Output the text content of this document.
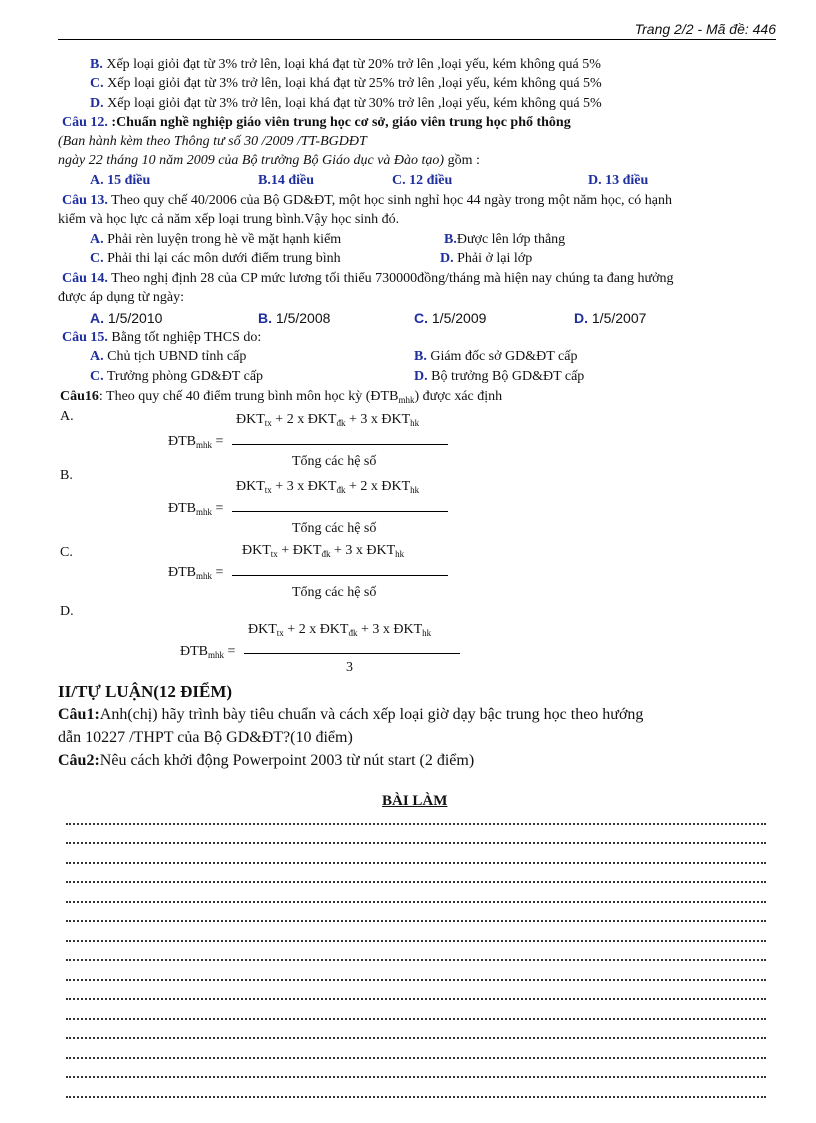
Trang 2/2 - Mã đề: 446
B. Xếp loại giỏi đạt từ 3% trở lên, loại khá đạt từ 20% trở lên ,loại yếu, kém không quá 5%
C. Xếp loại giỏi đạt từ 3% trở lên, loại khá đạt từ 25% trở lên ,loại yếu, kém không quá 5%
D. Xếp loại giỏi đạt từ 3% trở lên, loại khá đạt từ 30% trở lên ,loại yếu, kém không quá 5%
Câu 12. :Chuẩn nghề nghiệp giáo viên trung học cơ sở, giáo viên trung học phổ thông
(Ban hành kèm theo Thông tư số 30 /2009 /TT-BGDĐT
ngày 22 tháng 10 năm 2009 của Bộ trưởng Bộ Giáo dục và Đào tạo) gồm :
A. 15 điều	B.14 điều	C. 12 điều	D. 13 điều
Câu 13. Theo quy chế 40/2006 của Bộ GD&ĐT, một học sinh nghỉ học 44 ngày trong một năm học, có hạnh
kiểm và học lực cả năm xếp loại trung bình.Vậy học sinh đó.
A. Phải rèn luyện trong hè về mặt hạnh kiểm	B.Được lên lớp thẳng
C. Phải thi lại các môn dưới điểm trung bình	D. Phải ở lại lớp
Câu 14. Theo nghị định 28 của CP mức lương tối thiểu 730000đồng/tháng mà hiện nay chúng ta đang hưởng
được áp dụng từ ngày:
A. 1/5/2010	B. 1/5/2008	C. 1/5/2009	D. 1/5/2007
Câu 15. Bằng tốt nghiệp THCS do:
A. Chủ tịch UBND tỉnh cấp	B. Giám đốc sở GD&ĐT cấp
C. Trưởng phòng GD&ĐT cấp	D. Bộ trưởng Bộ GD&ĐT cấp
Câu16: Theo quy chế 40 điểm trung bình môn học kỳ $(ĐTB_{mhk})$ được xác định
A.
$ĐTB_{mhk}$ =
$ĐKT_{tx} + 2$ x $ĐKT_{đk} + 3$ x $ĐKT_{hk}$
Tổng các hệ số
B.
$ĐTB_{mhk}$ =
$ĐKT_{tx} + 3$ x $ĐKT_{đk} + 2$ x $ĐKT_{hk}$
Tổng các hệ số
C.
$ĐTB_{mhk}$ =
$ĐKT_{tx}$ + $ĐKT_{đk} + 3$ x $ĐKT_{hk}$
Tổng các hệ số
D.
$ĐTB_{mhk}$ =
$ĐKT_{tx} + 2$ x $ĐKT_{đk} + 3$ x $ĐKT_{hk}$
3
II/TỰ LUẬN(12 ĐIỂM)
Câu1:Anh(chị) hãy trình bày tiêu chuẩn và cách xếp loại giờ dạy bậc trung học theo hướng
dẫn 10227 /THPT của Bộ GD&ĐT?(10 điểm)
Câu2:Nêu cách khởi động Powerpoint 2003 từ nút start (2 điểm)
BÀI LÀM
